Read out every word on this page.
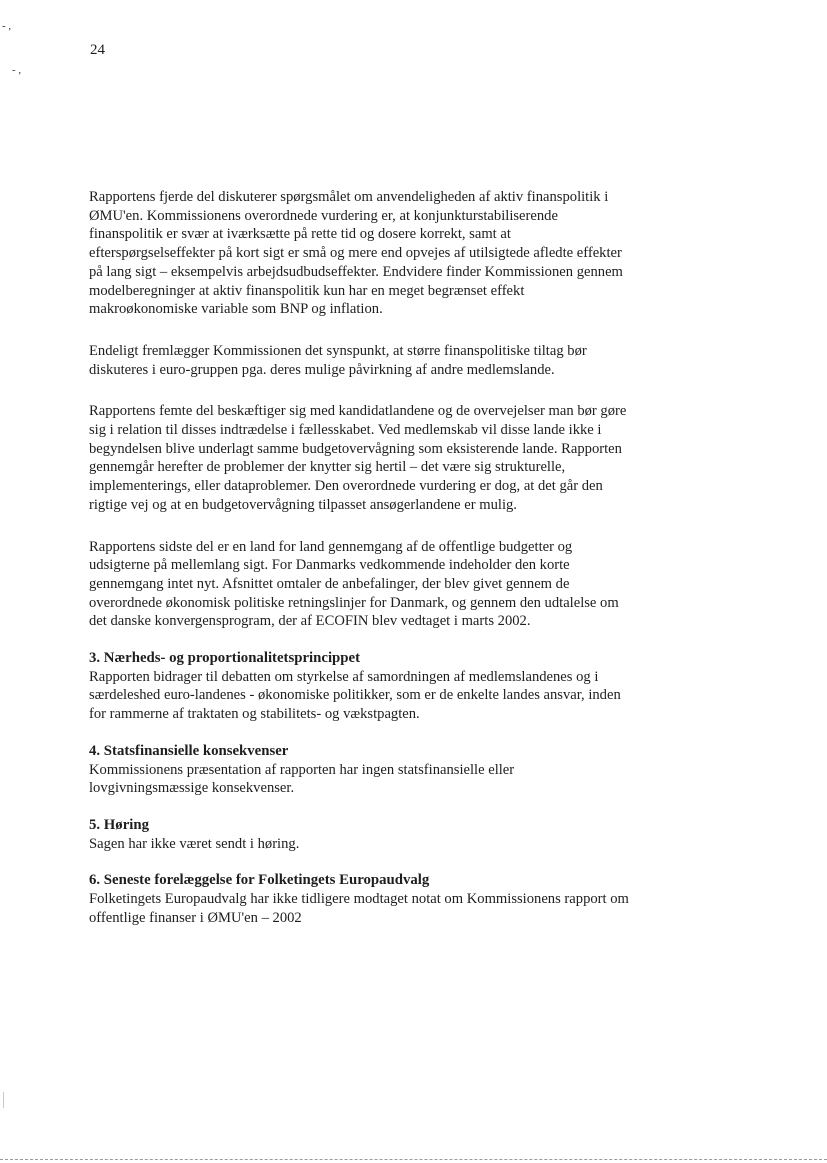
- ,
- ,
24

Rapportens fjerde del diskuterer spørgsmålet om anvendeligheden af aktiv finanspolitik i ØMU'en. Kommissionens overordnede vurdering er, at konjunkturstabiliserende finanspolitik er svær at iværksætte på rette tid og dosere korrekt, samt at efterspørgselseffekter på kort sigt er små og mere end opvejes af utilsigtede afledte effekter på lang sigt – eksempelvis arbejdsudbudseffekter. Endvidere finder Kommissionen gennem modelberegninger at aktiv finanspolitik kun har en meget begrænset effekt makroøkonomiske variable som BNP og inflation.

Endeligt fremlægger Kommissionen det synspunkt, at større finanspolitiske tiltag bør diskuteres i euro-gruppen pga. deres mulige påvirkning af andre medlemslande.

Rapportens femte del beskæftiger sig med kandidatlandene og de overvejelser man bør gøre sig i relation til disses indtrædelse i fællesskabet. Ved medlemskab vil disse lande ikke i begyndelsen blive underlagt samme budgetovervågning som eksisterende lande. Rapporten gennemgår herefter de problemer der knytter sig hertil – det være sig strukturelle, implementerings, eller dataproblemer. Den overordnede vurdering er dog, at det går den rigtige vej og at en budgetovervågning tilpasset ansøgerlandene er mulig.

Rapportens sidste del er en land for land gennemgang af de offentlige budgetter og udsigterne på mellemlang sigt. For Danmarks vedkommende indeholder den korte gennemgang intet nyt. Afsnittet omtaler de anbefalinger, der blev givet gennem de overordnede økonomisk politiske retningslinjer for Danmark, og gennem den udtalelse om det danske konvergensprogram, der af ECOFIN blev vedtaget i marts 2002.

3. Nærheds- og proportionalitetsprincippet

Rapporten bidrager til debatten om styrkelse af samordningen af medlemslandenes og i særdeleshed euro-landenes - økonomiske politikker, som er de enkelte landes ansvar, inden for rammerne af traktaten og stabilitets- og vækstpagten.

4. Statsfinansielle konsekvenser

Kommissionens præsentation af rapporten har ingen statsfinansielle eller lovgivningsmæssige konsekvenser.

5. Høring

Sagen har ikke været sendt i høring.

6. Seneste forelæggelse for Folketingets Europaudvalg

Folketingets Europaudvalg har ikke tidligere modtaget notat om Kommissionens rapport om offentlige finanser i ØMU'en – 2002
